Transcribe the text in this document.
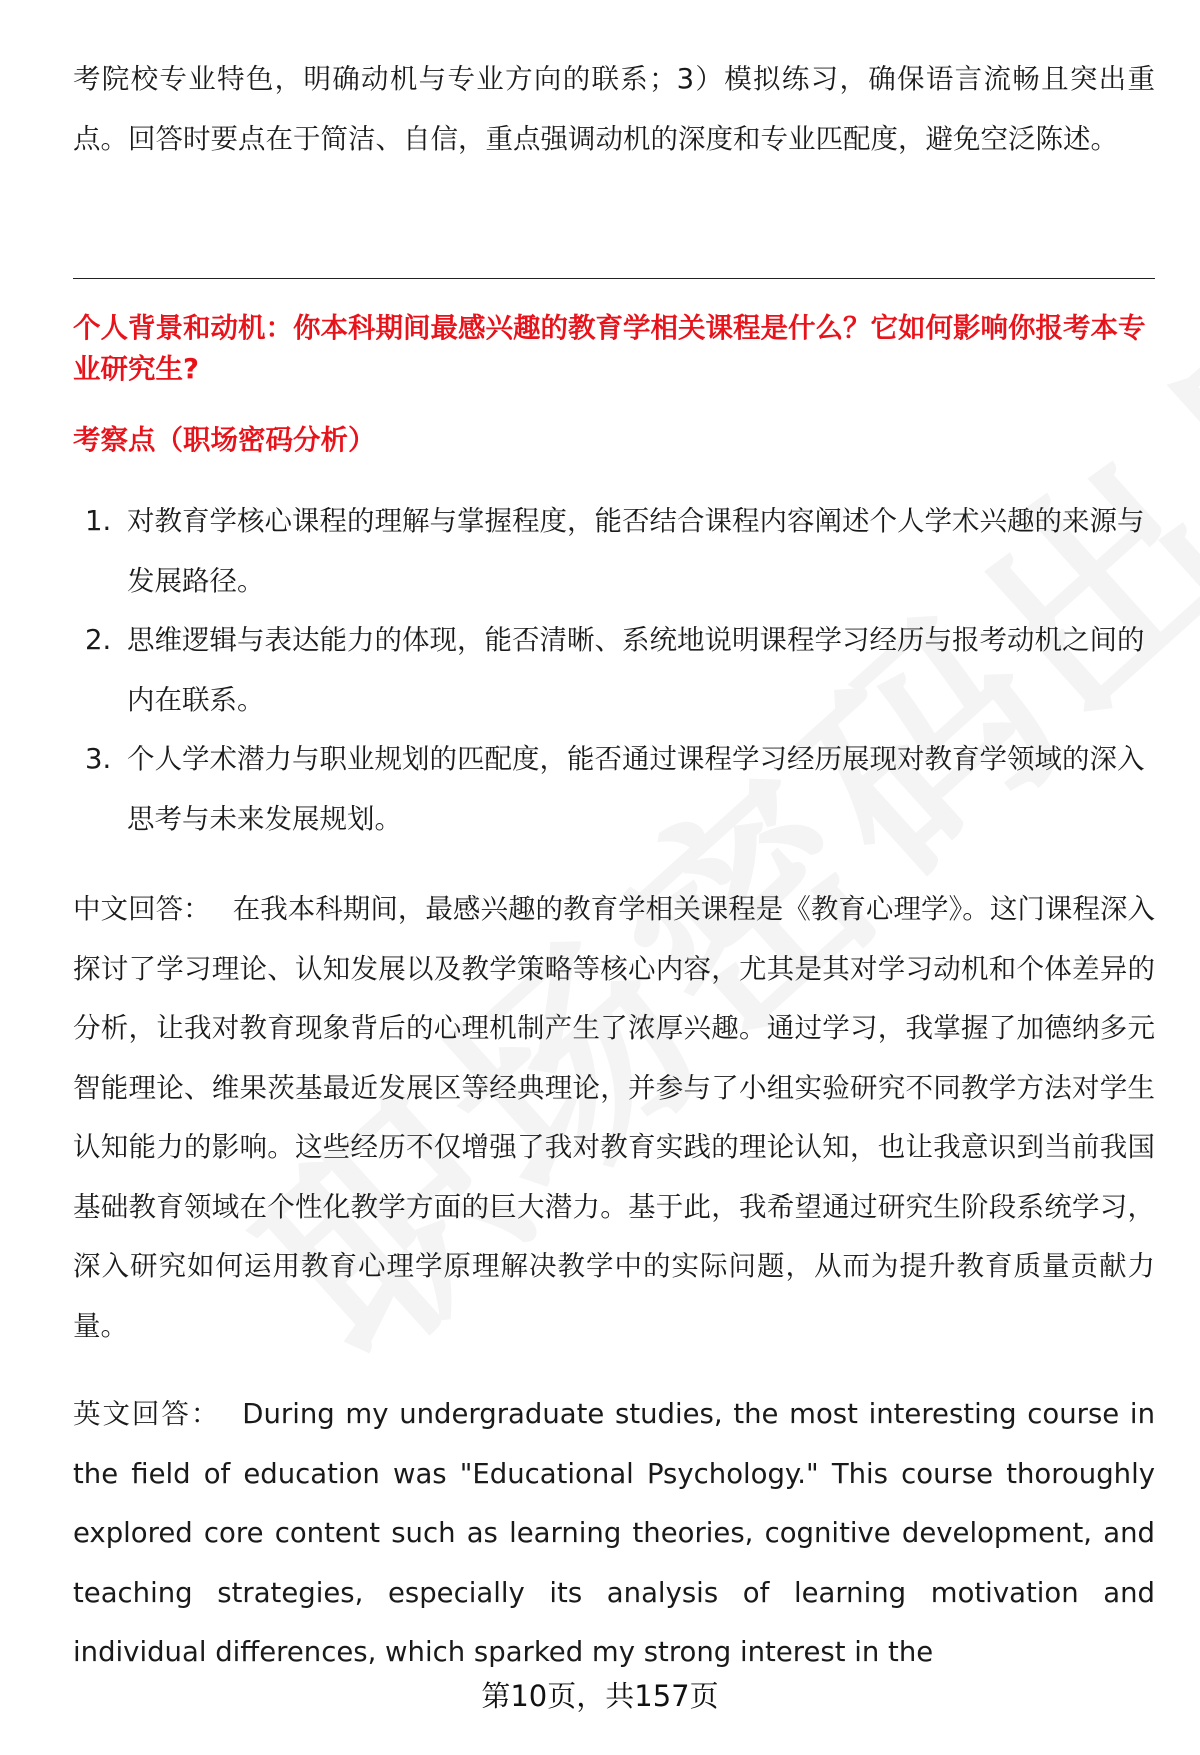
考院校专业特色，明确动机与专业方向的联系；3）模拟练习，确保语言流畅且突出重点。回答时要点在于简洁、自信，重点强调动机的深度和专业匹配度，避免空泛陈述。

个人背景和动机：你本科期间最感兴趣的教育学相关课程是什么？它如何影响你报考本专业研究生?

考察点（职场密码分析）

1. 对教育学核心课程的理解与掌握程度，能否结合课程内容阐述个人学术兴趣的来源与发展路径。
2. 思维逻辑与表达能力的体现，能否清晰、系统地说明课程学习经历与报考动机之间的内在联系。
3. 个人学术潜力与职业规划的匹配度，能否通过课程学习经历展现对教育学领域的深入思考与未来发展规划。

中文回答： 在我本科期间，最感兴趣的教育学相关课程是《教育心理学》。这门课程深入探讨了学习理论、认知发展以及教学策略等核心内容，尤其是其对学习动机和个体差异的分析，让我对教育现象背后的心理机制产生了浓厚兴趣。通过学习，我掌握了加德纳多元智能理论、维果茨基最近发展区等经典理论，并参与了小组实验研究不同教学方法对学生认知能力的影响。这些经历不仅增强了我对教育实践的理论认知，也让我意识到当前我国基础教育领域在个性化教学方面的巨大潜力。基于此，我希望通过研究生阶段系统学习，深入研究如何运用教育心理学原理解决教学中的实际问题，从而为提升教育质量贡献力量。

英文回答： During my undergraduate studies, the most interesting course in the field of education was "Educational Psychology." This course thoroughly explored core content such as learning theories, cognitive development, and teaching strategies, especially its analysis of learning motivation and individual differences, which sparked my strong interest in the

第10页，共157页
